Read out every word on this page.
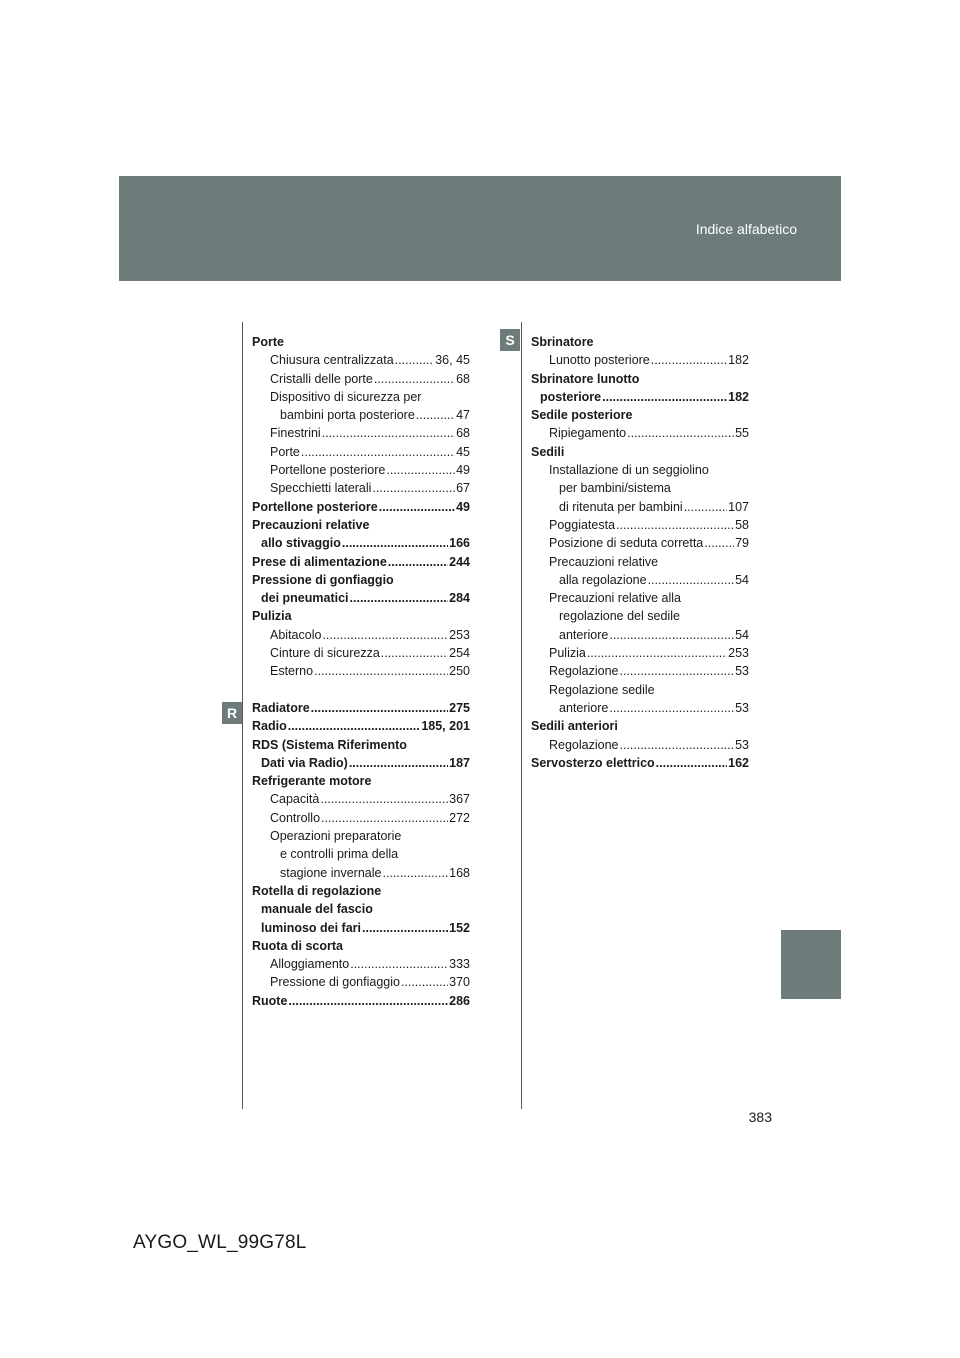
Indice alfabetico
R
S
Porte
Chiusura centralizzata .....	36, 45
Cristalli delle porte .....	68
Dispositivo di sicurezza per
bambini porta posteriore .....	47
Finestrini .....	68
Porte .....	45
Portellone posteriore .....	49
Specchietti laterali .....	67
Portellone posteriore .....	49
Precauzioni relative
allo stivaggio .....	166
Prese di alimentazione .....	244
Pressione di gonfiaggio
dei pneumatici .....	284
Pulizia
Abitacolo .....	253
Cinture di sicurezza .....	254
Esterno .....	250
Radiatore .....	275
Radio .....	185, 201
RDS (Sistema Riferimento
Dati via Radio) .....	187
Refrigerante motore
Capacità .....	367
Controllo .....	272
Operazioni preparatorie
e controlli prima della
stagione invernale .....	168
Rotella di regolazione
manuale del fascio
luminoso dei fari .....	152
Ruota di scorta
Alloggiamento .....	333
Pressione di gonfiaggio .....	370
Ruote .....	286
Sbrinatore
Lunotto posteriore .....	182
Sbrinatore lunotto
posteriore .....	182
Sedile posteriore
Ripiegamento .....	55
Sedili
Installazione di un seggiolino
per bambini/sistema
di ritenuta per bambini .....	107
Poggiatesta .....	58
Posizione di seduta corretta .....	79
Precauzioni relative
alla regolazione .....	54
Precauzioni relative alla
regolazione del sedile
anteriore .....	54
Pulizia .....	253
Regolazione .....	53
Regolazione sedile
anteriore .....	53
Sedili anteriori
Regolazione .....	53
Servosterzo elettrico .....	162
383
AYGO_WL_99G78L
